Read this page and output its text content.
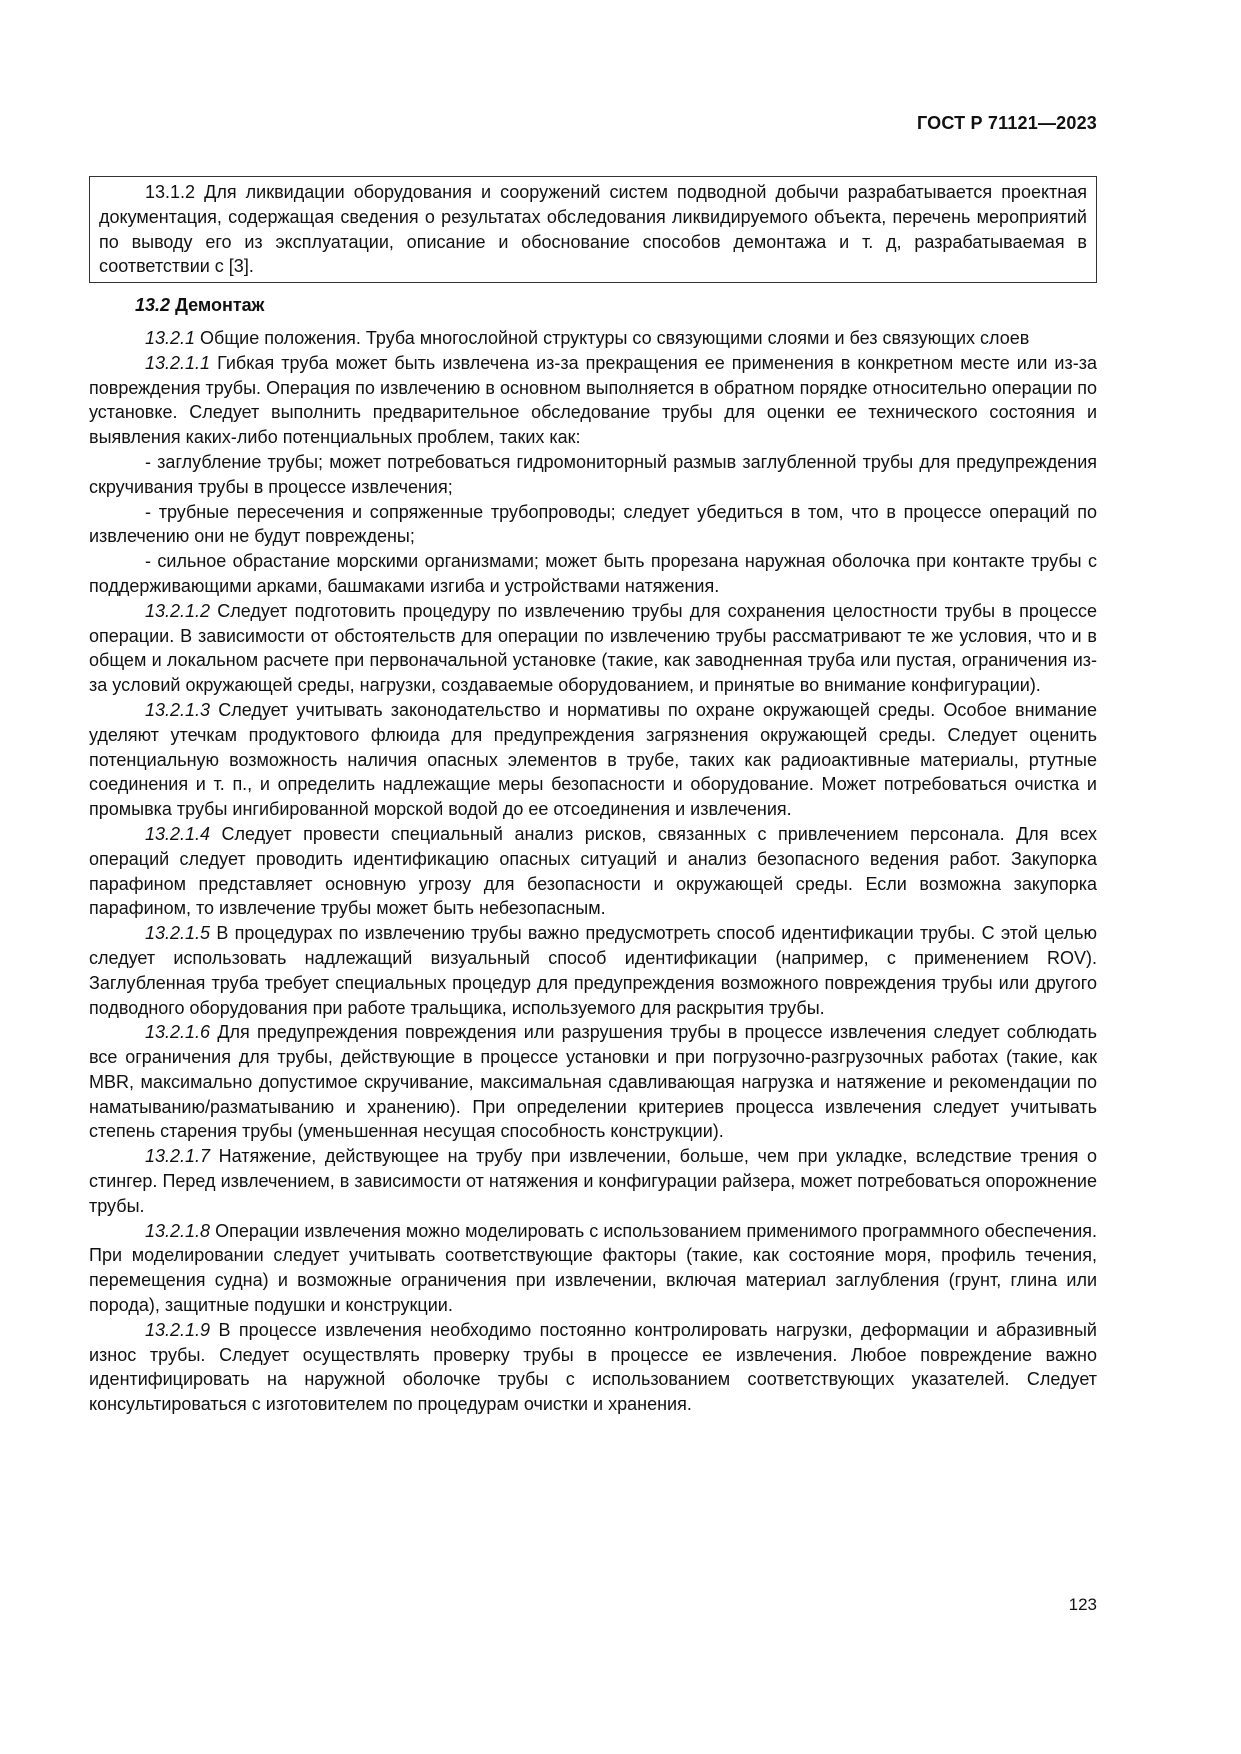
ГОСТ Р 71121—2023
13.1.2 Для ликвидации оборудования и сооружений систем подводной добычи разрабатывается проектная документация, содержащая сведения о результатах обследования ликвидируемого объекта, перечень мероприятий по выводу его из эксплуатации, описание и обоснование способов демонтажа и т. д, разрабатываемая в соответствии с [3].
13.2 Демонтаж

13.2.1 Общие положения. Труба многослойной структуры со связующими слоями и без связующих слоев

13.2.1.1 Гибкая труба может быть извлечена из-за прекращения ее применения в конкретном месте или из-за повреждения трубы. Операция по извлечению в основном выполняется в обратном порядке относительно операции по установке. Следует выполнить предварительное обследование трубы для оценки ее технического состояния и выявления каких-либо потенциальных проблем, таких как:

- заглубление трубы; может потребоваться гидромониторный размыв заглубленной трубы для предупреждения скручивания трубы в процессе извлечения;

- трубные пересечения и сопряженные трубопроводы; следует убедиться в том, что в процессе операций по извлечению они не будут повреждены;

- сильное обрастание морскими организмами; может быть прорезана наружная оболочка при контакте трубы с поддерживающими арками, башмаками изгиба и устройствами натяжения.

13.2.1.2 Следует подготовить процедуру по извлечению трубы для сохранения целостности трубы в процессе операции. В зависимости от обстоятельств для операции по извлечению трубы рассматривают те же условия, что и в общем и локальном расчете при первоначальной установке (такие, как заводненная труба или пустая, ограничения из-за условий окружающей среды, нагрузки, создаваемые оборудованием, и принятые во внимание конфигурации).

13.2.1.3 Следует учитывать законодательство и нормативы по охране окружающей среды. Особое внимание уделяют утечкам продуктового флюида для предупреждения загрязнения окружающей среды. Следует оценить потенциальную возможность наличия опасных элементов в трубе, таких как радиоактивные материалы, ртутные соединения и т. п., и определить надлежащие меры безопасности и оборудование. Может потребоваться очистка и промывка трубы ингибированной морской водой до ее отсоединения и извлечения.

13.2.1.4 Следует провести специальный анализ рисков, связанных с привлечением персонала. Для всех операций следует проводить идентификацию опасных ситуаций и анализ безопасного ведения работ. Закупорка парафином представляет основную угрозу для безопасности и окружающей среды. Если возможна закупорка парафином, то извлечение трубы может быть небезопасным.

13.2.1.5 В процедурах по извлечению трубы важно предусмотреть способ идентификации трубы. С этой целью следует использовать надлежащий визуальный способ идентификации (например, с применением ROV). Заглубленная труба требует специальных процедур для предупреждения возможного повреждения трубы или другого подводного оборудования при работе тральщика, используемого для раскрытия трубы.

13.2.1.6 Для предупреждения повреждения или разрушения трубы в процессе извлечения следует соблюдать все ограничения для трубы, действующие в процессе установки и при погрузочно-разгрузочных работах (такие, как MBR, максимально допустимое скручивание, максимальная сдавливающая нагрузка и натяжение и рекомендации по наматыванию/разматыванию и хранению). При определении критериев процесса извлечения следует учитывать степень старения трубы (уменьшенная несущая способность конструкции).

13.2.1.7 Натяжение, действующее на трубу при извлечении, больше, чем при укладке, вследствие трения о стингер. Перед извлечением, в зависимости от натяжения и конфигурации райзера, может потребоваться опорожнение трубы.

13.2.1.8 Операции извлечения можно моделировать с использованием применимого программного обеспечения. При моделировании следует учитывать соответствующие факторы (такие, как состояние моря, профиль течения, перемещения судна) и возможные ограничения при извлечении, включая материал заглубления (грунт, глина или порода), защитные подушки и конструкции.

13.2.1.9 В процессе извлечения необходимо постоянно контролировать нагрузки, деформации и абразивный износ трубы. Следует осуществлять проверку трубы в процессе ее извлечения. Любое повреждение важно идентифицировать на наружной оболочке трубы с использованием соответствующих указателей. Следует консультироваться с изготовителем по процедурам очистки и хранения.

123
